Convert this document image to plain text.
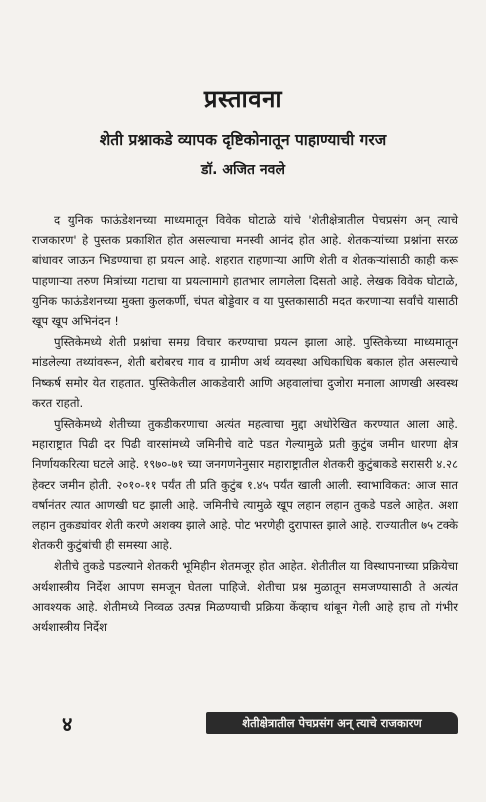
प्रस्तावना
शेती प्रश्नाकडे व्यापक दृष्टिकोनातून पाहाण्याची गरज
डॉ. अजित नवले

द युनिक फाऊंडेशनच्या माध्यमातून विवेक घोटाळे यांचे 'शेतीक्षेत्रातील पेचप्रसंग अन् त्याचे राजकारण' हे पुस्तक प्रकाशित होत असल्याचा मनस्वी आनंद होत आहे. शेतकऱ्यांच्या प्रश्नांना सरळ बांधावर जाऊन भिडण्याचा हा प्रयत्न आहे. शहरात राहणाऱ्या आणि शेती व शेतकऱ्यांसाठी काही करू पाहणाऱ्या तरुण मित्रांच्या गटाचा या प्रयत्नामागे हातभार लागलेला दिसतो आहे. लेखक विवेक घोटाळे, युनिक फाऊंडेशनच्या मुक्ता कुलकर्णी, चंपत बोड्डेवार व या पुस्तकासाठी मदत करणाऱ्या सर्वांचे यासाठी खूप खूप अभिनंदन !

पुस्तिकेमध्ये शेती प्रश्नांचा समग्र विचार करण्याचा प्रयत्न झाला आहे. पुस्तिकेच्या माध्यमातून मांडलेल्या तथ्यांवरून, शेती बरोबरच गाव व ग्रामीण अर्थ व्यवस्था अधिकाधिक बकाल होत असल्याचे निष्कर्ष समोर येत राहतात. पुस्तिकेतील आकडेवारी आणि अहवालांचा दुजोरा मनाला आणखी अस्वस्थ करत राहतो.

पुस्तिकेमध्ये शेतीच्या तुकडीकरणाचा अत्यंत महत्वाचा मुद्दा अधोरेखित करण्यात आला आहे. महाराष्ट्रात पिढी दर पिढी वारसांमध्ये जमिनीचे वाटे पडत गेल्यामुळे प्रती कुटुंब जमीन धारणा क्षेत्र निर्णायकरित्या घटले आहे. १९७०-७१ च्या जनगणनेनुसार महाराष्ट्रातील शेतकरी कुटुंबाकडे सरासरी ४.२८ हेक्टर जमीन होती. २०१०-११ पर्यंत ती प्रति कुटुंब १.४५ पर्यंत खाली आली. स्वाभाविकत: आज सात वर्षानंतर त्यात आणखी घट झाली आहे. जमिनीचे त्यामुळे खूप लहान लहान तुकडे पडले आहेत. अशा लहान तुकड्यांवर शेती करणे अशक्य झाले आहे. पोट भरणेही दुरापास्त झाले आहे. राज्यातील ७५ टक्के शेतकरी कुटुंबांची ही समस्या आहे.

शेतीचे तुकडे पडल्याने शेतकरी भूमिहीन शेतमजूर होत आहेत. शेतीतील या विस्थापनाच्या प्रक्रियेचा अर्थशास्त्रीय निर्देश आपण समजून घेतला पाहिजे. शेतीचा प्रश्न मुळातून समजण्यासाठी ते अत्यंत आवश्यक आहे. शेतीमध्ये निव्वळ उत्पन्न मिळण्याची प्रक्रिया केंव्हाच थांबून गेली आहे हाच तो गंभीर अर्थशास्त्रीय निर्देश

४	शेतीक्षेत्रातील पेचप्रसंग अन् त्याचे राजकारण
